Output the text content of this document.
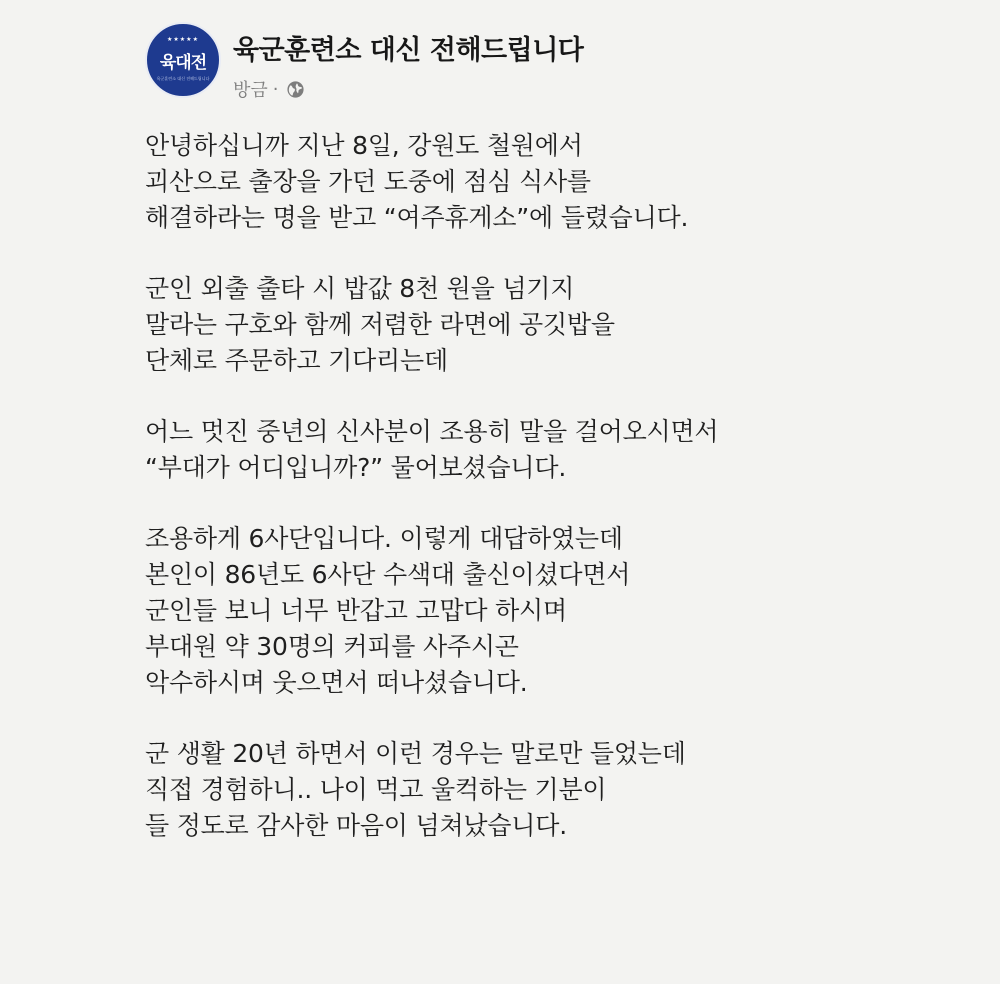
★★★★★
육대전
육군훈련소 대신 전해드립니다
육군훈련소 대신 전해드립니다
방금 ·
안녕하십니까 지난 8일, 강원도 철원에서
괴산으로 출장을 가던 도중에 점심 식사를
해결하라는 명을 받고 “여주휴게소”에 들렸습니다.
군인 외출 출타 시 밥값 8천 원을 넘기지
말라는 구호와 함께 저렴한 라면에 공깃밥을
단체로 주문하고 기다리는데
어느 멋진 중년의 신사분이 조용히 말을 걸어오시면서
“부대가 어디입니까?” 물어보셨습니다.
조용하게 6사단입니다. 이렇게 대답하였는데
본인이 86년도 6사단 수색대 출신이셨다면서
군인들 보니 너무 반갑고 고맙다 하시며
부대원 약 30명의 커피를 사주시곤
악수하시며 웃으면서 떠나셨습니다.
군 생활 20년 하면서 이런 경우는 말로만 들었는데
직접 경험하니.. 나이 먹고 울컥하는 기분이
들 정도로 감사한 마음이 넘쳐났습니다.
